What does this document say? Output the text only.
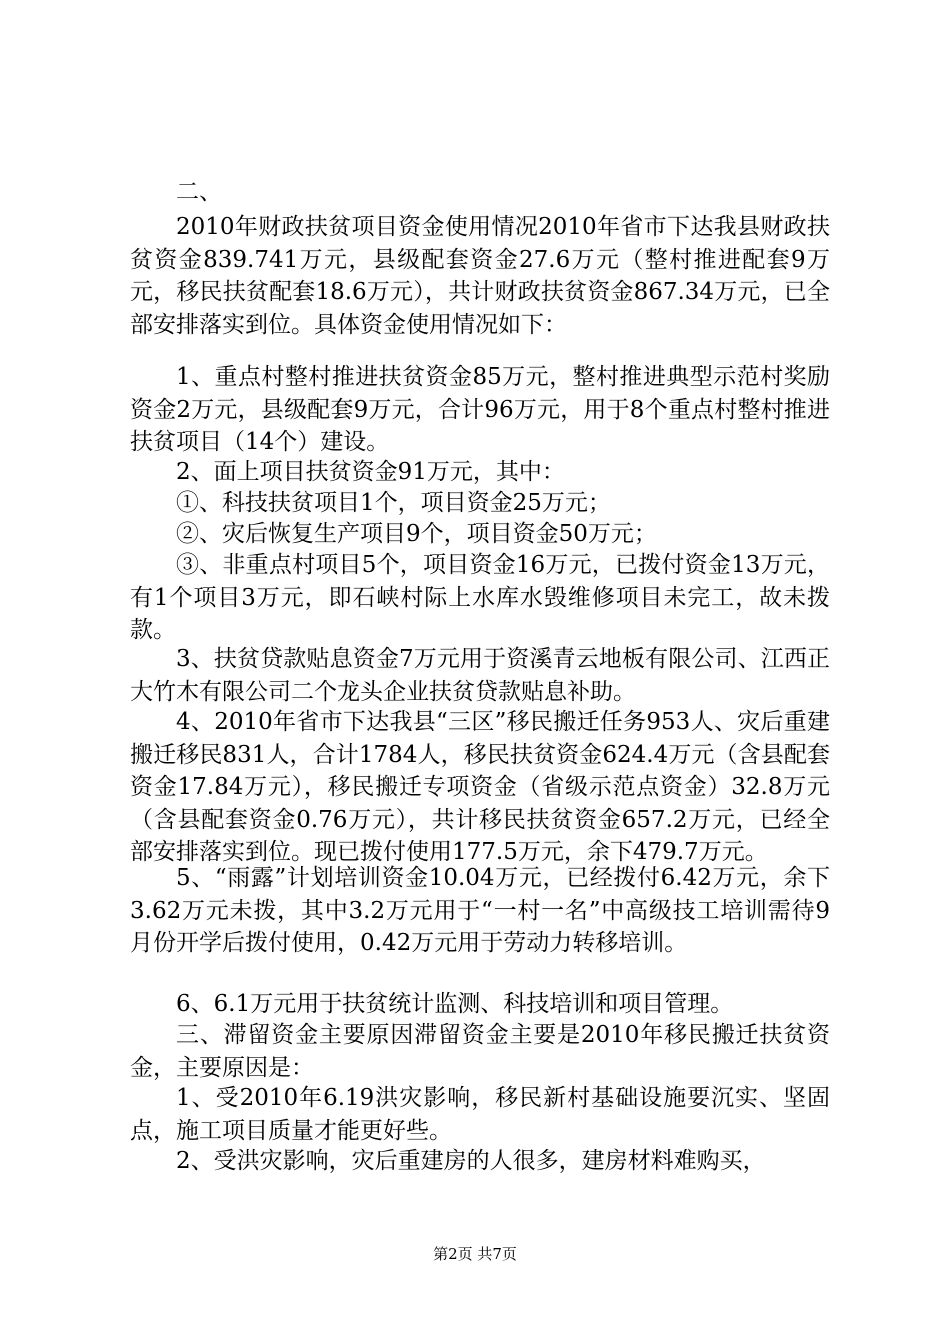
二、
2010年财政扶贫项目资金使用情况2010年省市下达我县财政扶贫资金839.741万元，县级配套资金27.6万元（整村推进配套9万元，移民扶贫配套18.6万元），共计财政扶贫资金867.34万元，已全部安排落实到位。具体资金使用情况如下：
1、重点村整村推进扶贫资金85万元，整村推进典型示范村奖励资金2万元，县级配套9万元，合计96万元，用于8个重点村整村推进扶贫项目（14个）建设。
2、面上项目扶贫资金91万元，其中：
①、科技扶贫项目1个，项目资金25万元；
②、灾后恢复生产项目9个，项目资金50万元；
③、非重点村项目5个，项目资金16万元，已拨付资金13万元，有1个项目3万元，即石峡村际上水库水毁维修项目未完工，故未拨款。
3、扶贫贷款贴息资金7万元用于资溪青云地板有限公司、江西正大竹木有限公司二个龙头企业扶贫贷款贴息补助。
4、2010年省市下达我县“三区”移民搬迁任务953人、灾后重建搬迁移民831人，合计1784人，移民扶贫资金624.4万元（含县配套资金17.84万元），移民搬迁专项资金（省级示范点资金）32.8万元（含县配套资金0.76万元），共计移民扶贫资金657.2万元，已经全部安排落实到位。现已拨付使用177.5万元，余下479.7万元。
5、“雨露”计划培训资金10.04万元，已经拨付6.42万元，余下3.62万元未拨，其中3.2万元用于“一村一名”中高级技工培训需待9月份开学后拨付使用，0.42万元用于劳动力转移培训。
6、6.1万元用于扶贫统计监测、科技培训和项目管理。
三、滞留资金主要原因滞留资金主要是2010年移民搬迁扶贫资金，主要原因是：
1、受2010年6.19洪灾影响，移民新村基础设施要沉实、坚固点，施工项目质量才能更好些。
2、受洪灾影响，灾后重建房的人很多，建房材料难购买，
第2页 共7页
